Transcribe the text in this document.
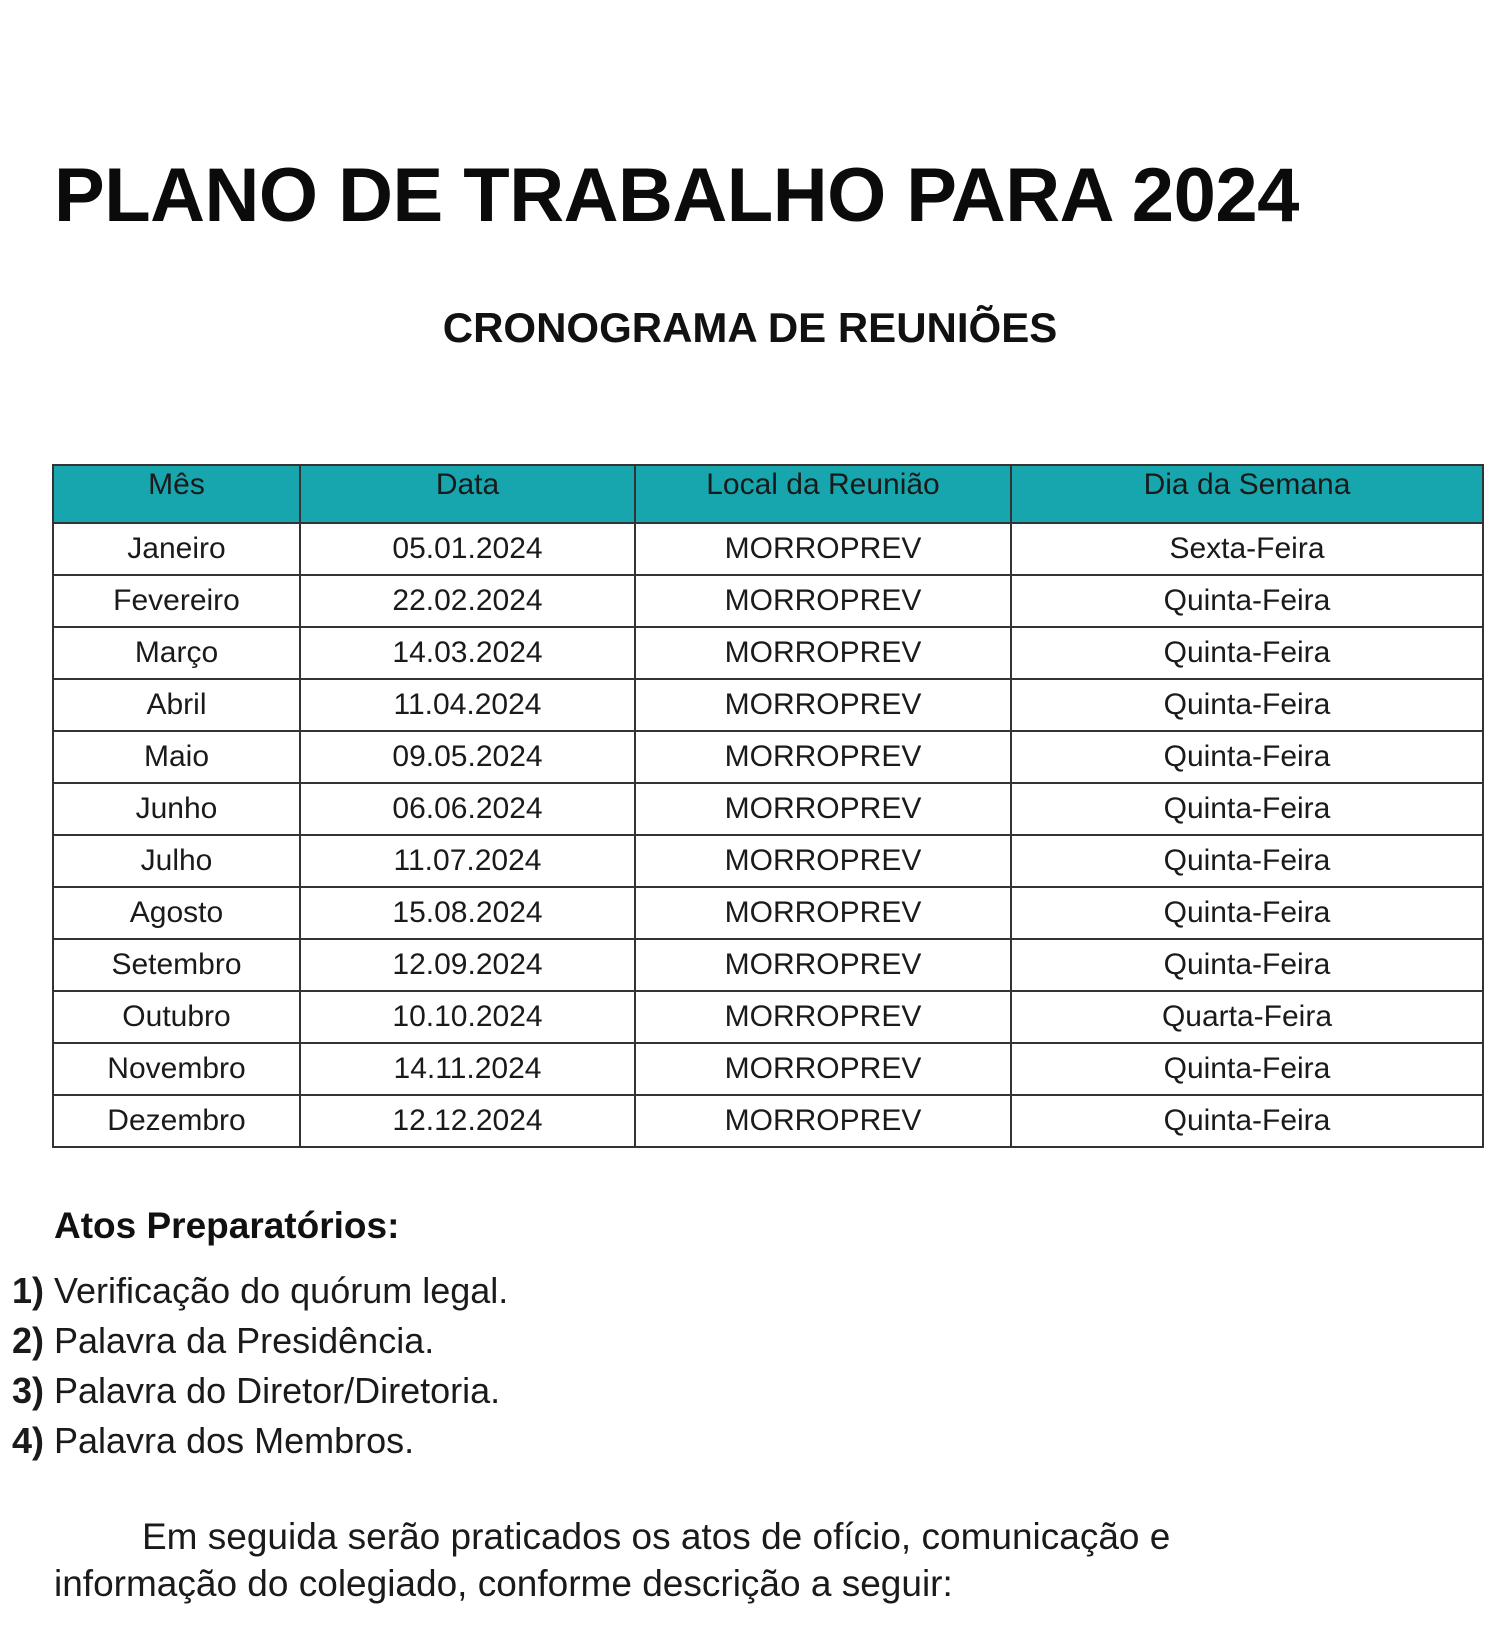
PLANO DE TRABALHO PARA 2024
CRONOGRAMA DE REUNIÕES
Mês	Data	Local da Reunião	Dia da Semana
Janeiro	05.01.2024	MORROPREV	Sexta-Feira
Fevereiro	22.02.2024	MORROPREV	Quinta-Feira
Março	14.03.2024	MORROPREV	Quinta-Feira
Abril	11.04.2024	MORROPREV	Quinta-Feira
Maio	09.05.2024	MORROPREV	Quinta-Feira
Junho	06.06.2024	MORROPREV	Quinta-Feira
Julho	11.07.2024	MORROPREV	Quinta-Feira
Agosto	15.08.2024	MORROPREV	Quinta-Feira
Setembro	12.09.2024	MORROPREV	Quinta-Feira
Outubro	10.10.2024	MORROPREV	Quarta-Feira
Novembro	14.11.2024	MORROPREV	Quinta-Feira
Dezembro	12.12.2024	MORROPREV	Quinta-Feira
Atos Preparatórios:
1) Verificação do quórum legal.
2) Palavra da Presidência.
3) Palavra do Diretor/Diretoria.
4) Palavra dos Membros.

Em seguida serão praticados os atos de ofício, comunicação e informação do colegiado, conforme descrição a seguir:
